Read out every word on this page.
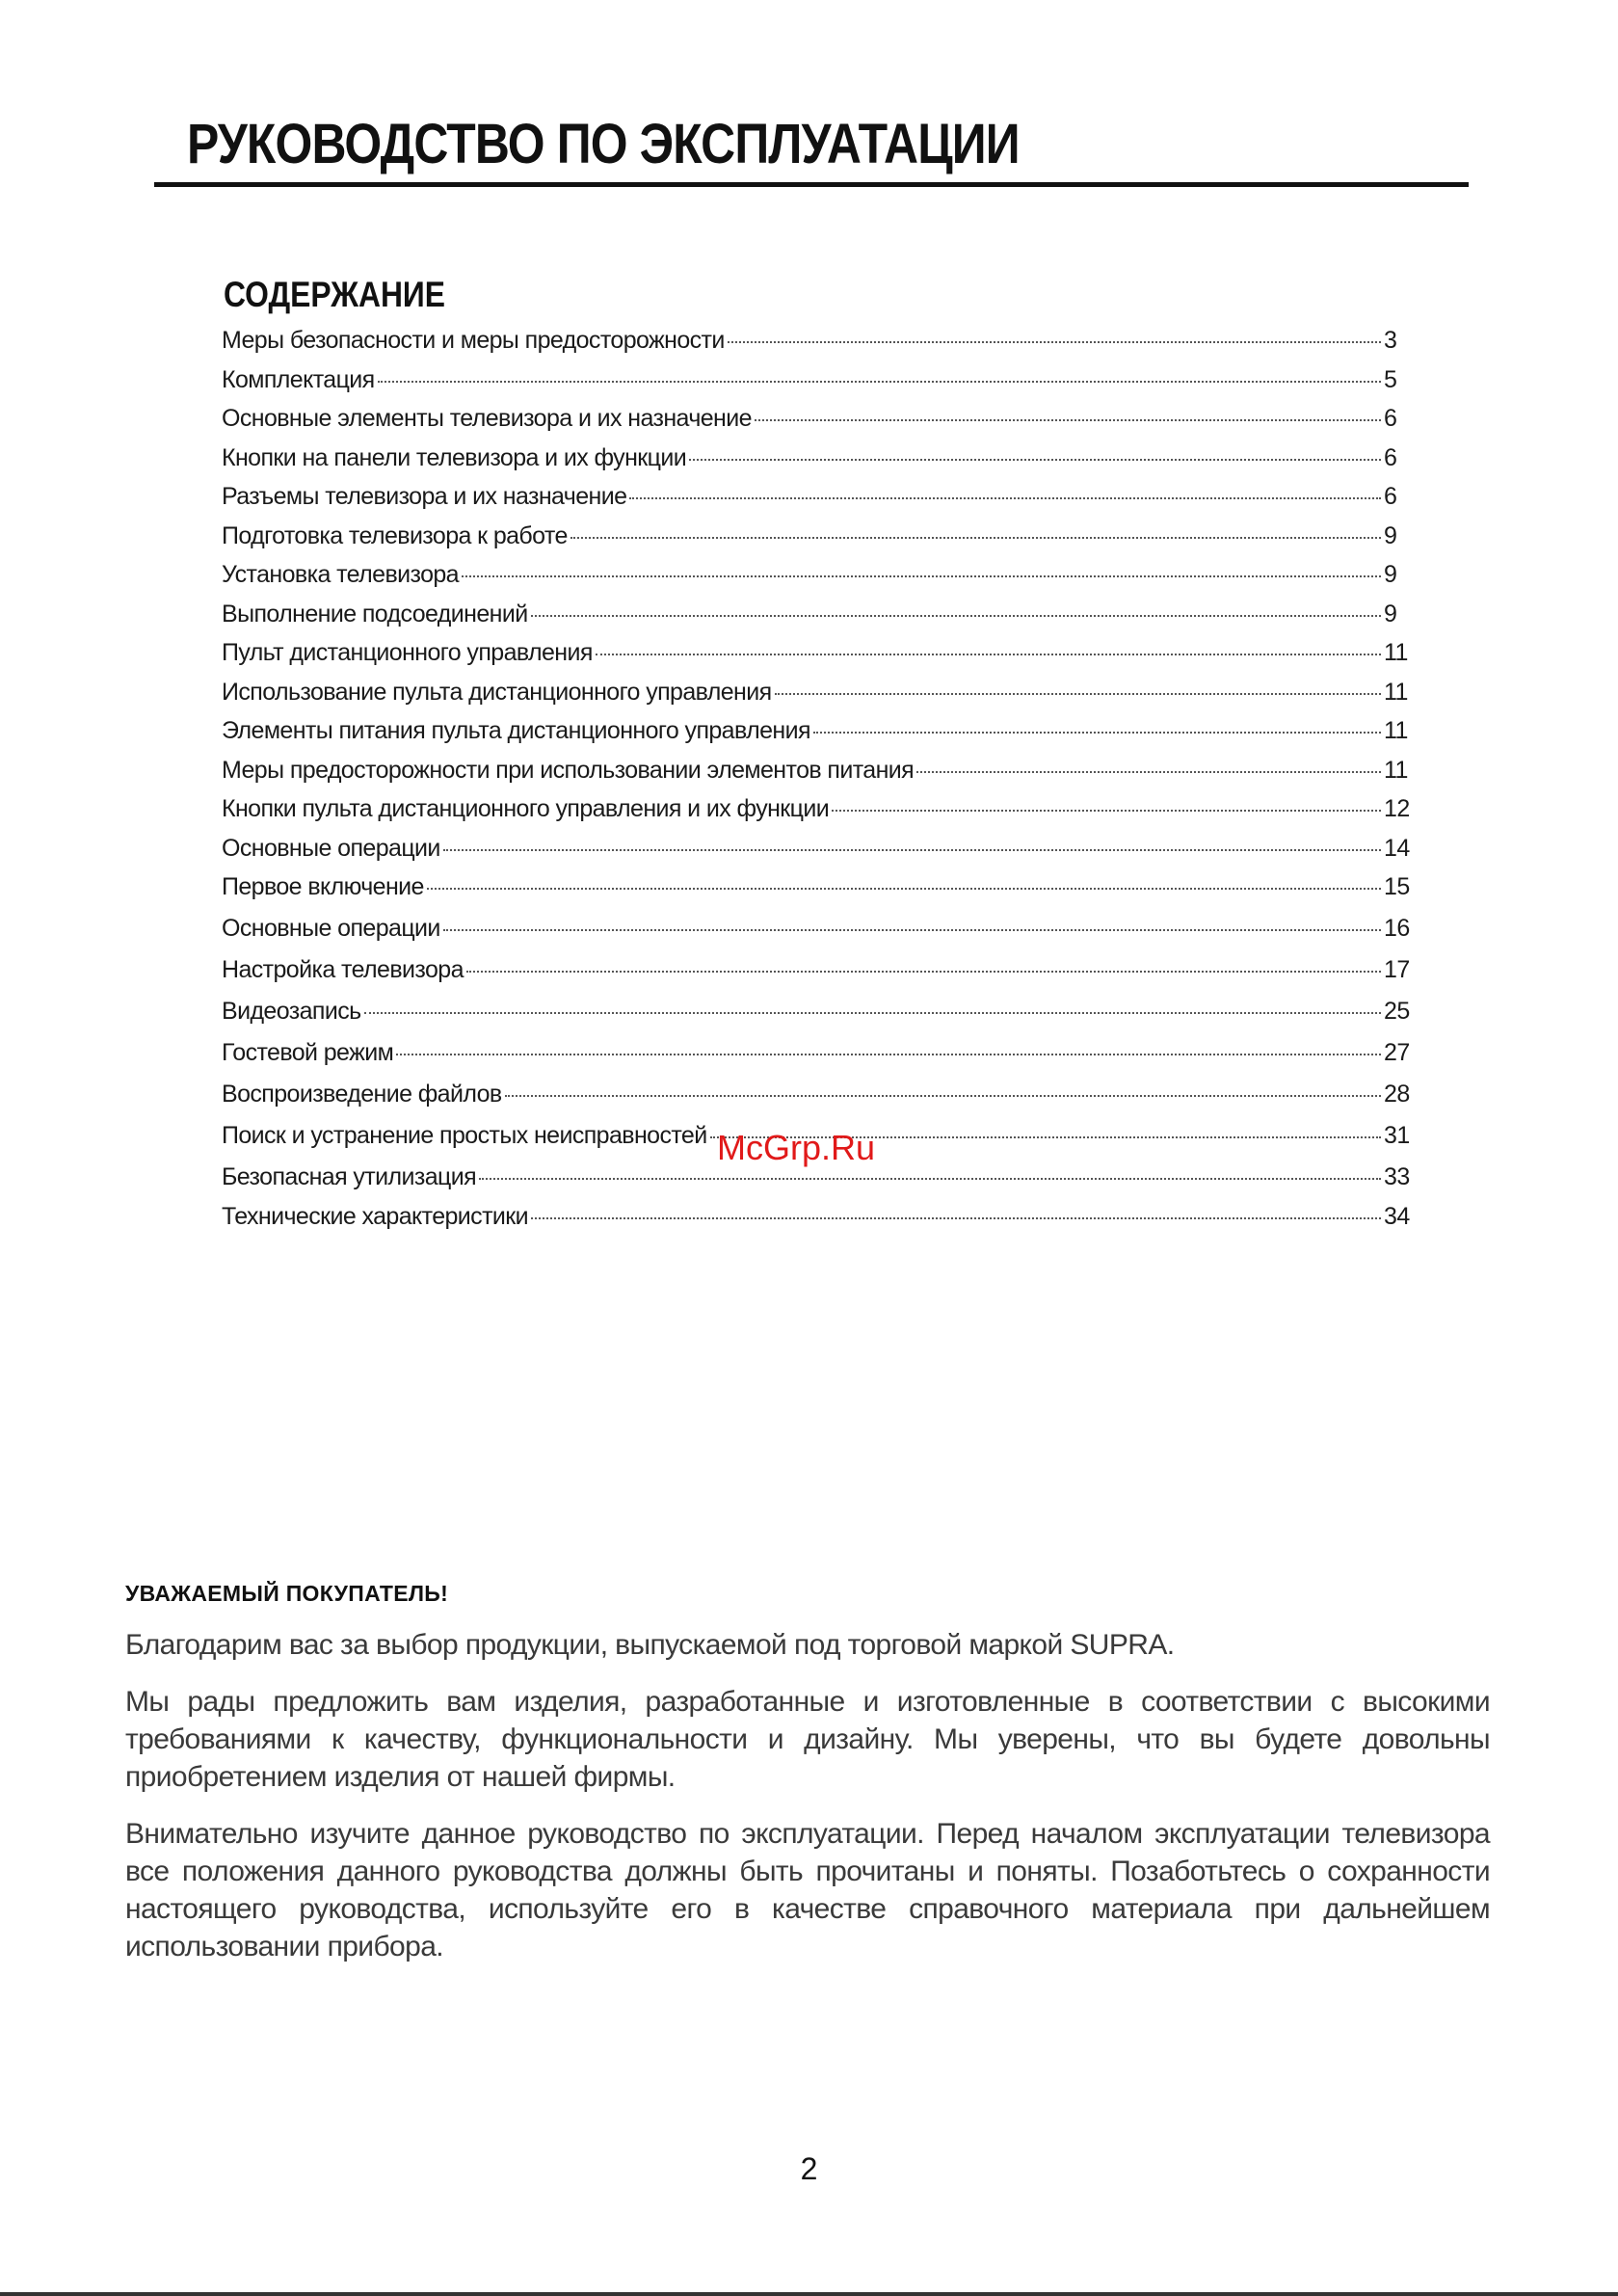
РУКОВОДСТВО ПО ЭКСПЛУАТАЦИИ
СОДЕРЖАНИЕ
Меры безопасности и меры предосторожности	3
Комплектация	5
Основные элементы телевизора и их назначение	6
Кнопки на панели телевизора и их функции	6
Разъемы телевизора и их назначение	6
Подготовка телевизора к работе	9
Установка телевизора	9
Выполнение подсоединений	9
Пульт дистанционного управления	11
Использование пульта дистанционного управления	11
Элементы питания пульта дистанционного управления	11
Меры предосторожности при использовании элементов питания	11
Кнопки пульта дистанционного управления и их функции	12
Основные операции	14
Первое включение	15
Основные операции	16
Настройка телевизора	17
Видеозапись	25
Гостевой режим	27
Воспроизведение файлов	28
Поиск и устранение простых неисправностей	31
Безопасная утилизация	33
Технические характеристики	34
McGrp.Ru
УВАЖАЕМЫЙ ПОКУПАТЕЛЬ!

Благодарим вас за выбор продукции, выпускаемой под торговой маркой SUPRA.

Мы рады предложить вам изделия, разработанные и изготовленные в соответствии с высокими требованиями к качеству, функциональности и дизайну. Мы уверены, что вы будете довольны приобретением изделия от нашей фирмы.

Внимательно изучите данное руководство по эксплуатации. Перед началом эксплуатации телевизора все положения данного руководства должны быть прочитаны и поняты. Позаботьтесь о сохранности настоящего руководства, используйте его в качестве справочного материала при дальнейшем использовании прибора.

2
